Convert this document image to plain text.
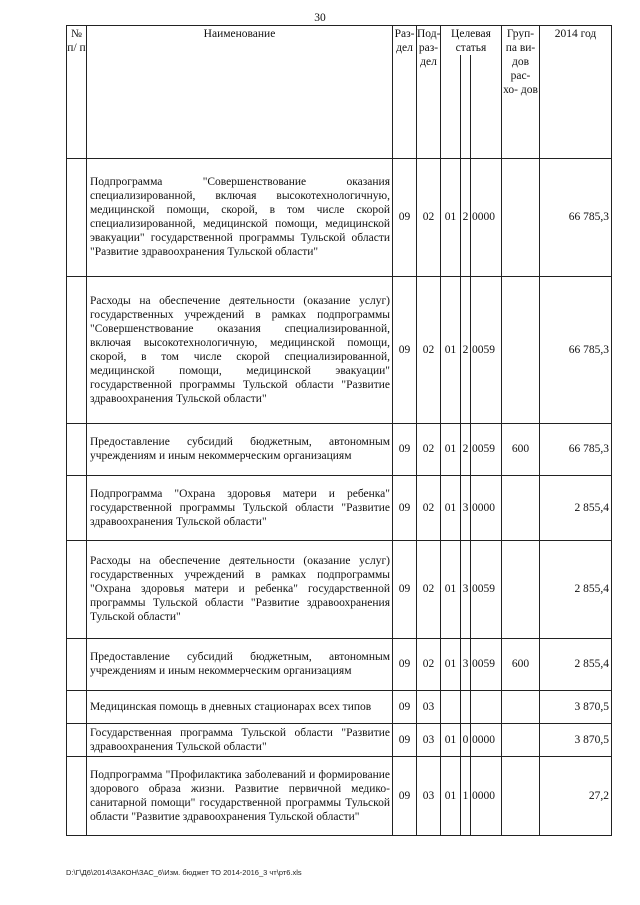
30
№ п/ п	Наименование	Раз- дел	Под- раз- дел	Целевая статья			Груп- па ви- дов рас- хо- дов	2014 год

	Подпрограмма "Совершенствование оказания специализированной, включая высокотехнологичную, медицинской помощи, скорой, в том числе скорой специализированной, медицинской помощи, медицинской эвакуации" государственной программы Тульской области "Развитие здравоохранения Тульской области"	09	02	01	2	0000		66 785,3
	Расходы на обеспечение деятельности (оказание услуг) государственных учреждений в рамках подпрограммы "Совершенствование оказания специализированной, включая высокотехнологичную, медицинской помощи, скорой, в том числе скорой специализированной, медицинской помощи, медицинской эвакуации" государственной программы Тульской области "Развитие здравоохранения Тульской области"	09	02	01	2	0059		66 785,3
	Предоставление субсидий бюджетным, автономным учреждениям и иным некоммерческим организациям	09	02	01	2	0059	600	66 785,3
	Подпрограмма "Охрана здоровья матери и ребенка" государственной программы Тульской области "Развитие здравоохранения Тульской области"	09	02	01	3	0000		2 855,4
	Расходы на обеспечение деятельности (оказание услуг) государственных учреждений в рамках подпрограммы "Охрана здоровья матери и ребенка" государственной программы Тульской области "Развитие здравоохранения Тульской области"	09	02	01	3	0059		2 855,4
	Предоставление субсидий бюджетным, автономным учреждениям и иным некоммерческим организациям	09	02	01	3	0059	600	2 855,4
	Медицинская помощь в дневных стационарах всех типов	09	03					3 870,5
	Государственная программа Тульской области "Развитие здравоохранения Тульской области"	09	03	01	0	0000		3 870,5
	Подпрограмма "Профилактика заболеваний и формирование здорового образа жизни. Развитие первичной медико-санитарной помощи" государственной программы Тульской области "Развитие здравоохранения Тульской области"	09	03	01	1	0000		27,2
D:\Г\Д6\2014\ЗАКОН\ЗАС_6\Изм. бюджет ТО 2014-2016_3 чт\рт6.xls
